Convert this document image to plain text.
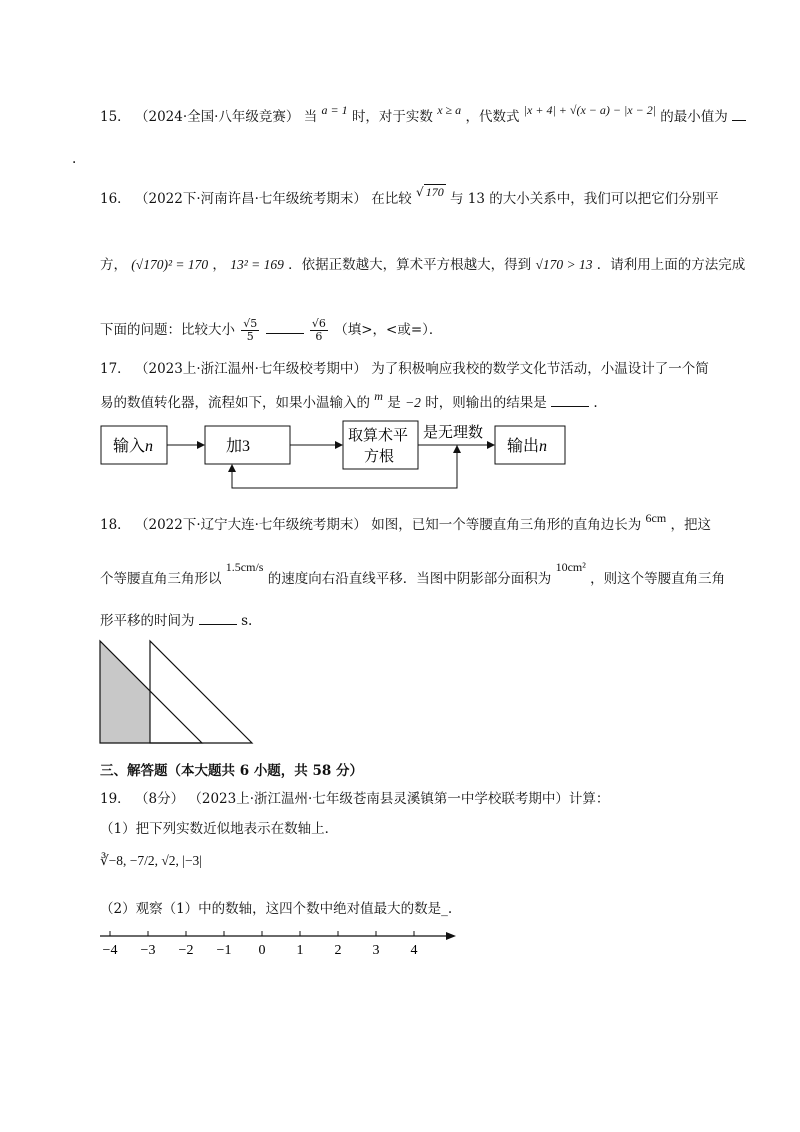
15． （2024·全国·八年级竞赛） 当 a = 1 时，对于实数 x ≥ a ，代数式 |x + 4| + √(x − a) − |x − 2| 的最小值为
.
16． （2022下·河南许昌·七年级统考期末） 在比较 √ 170 与 13 的大小关系中，我们可以把它们分别平
方， (√170)² = 170 ， 13² = 169 ．依据正数越大，算术平方根越大，得到 √170 > 13 ．请利用上面的方法完成
下面的问题：比较大小 $\frac{√5}{5}$
	$\frac{√6}{6}$ （填>，<或=）．
17． （2023上·浙江温州·七年级校考期中） 为了积极响应我校的数学文化节活动，小温设计了一个简
易的数值转化器，流程如下，如果小温输入的 m 是 −2 时，则输出的结果是	.
输入n	加3
取算术平
方根
是无理数
输出n
18． （2022下·辽宁大连·七年级统考期末） 如图，已知一个等腰直角三角形的直角边长为 6cm ，把这
个等腰直角三角形以 1.5cm/s 的速度向右沿直线平移．当图中阴影部分面积为 10cm² ，则这个等腰直角三角
形平移的时间为	s.
三、解答题（本大题共 6 小题，共 58 分）
19． （8分） （2023上·浙江温州·七年级苍南县灵溪镇第一中学校联考期中）计算：
（1）把下列实数近似地表示在数轴上．
∛−8, −7/2, √2, |−3|
（2）观察（1）中的数轴，这四个数中绝对值最大的数是_.
−4 −3 −2 −1 0 1 2 3 4
